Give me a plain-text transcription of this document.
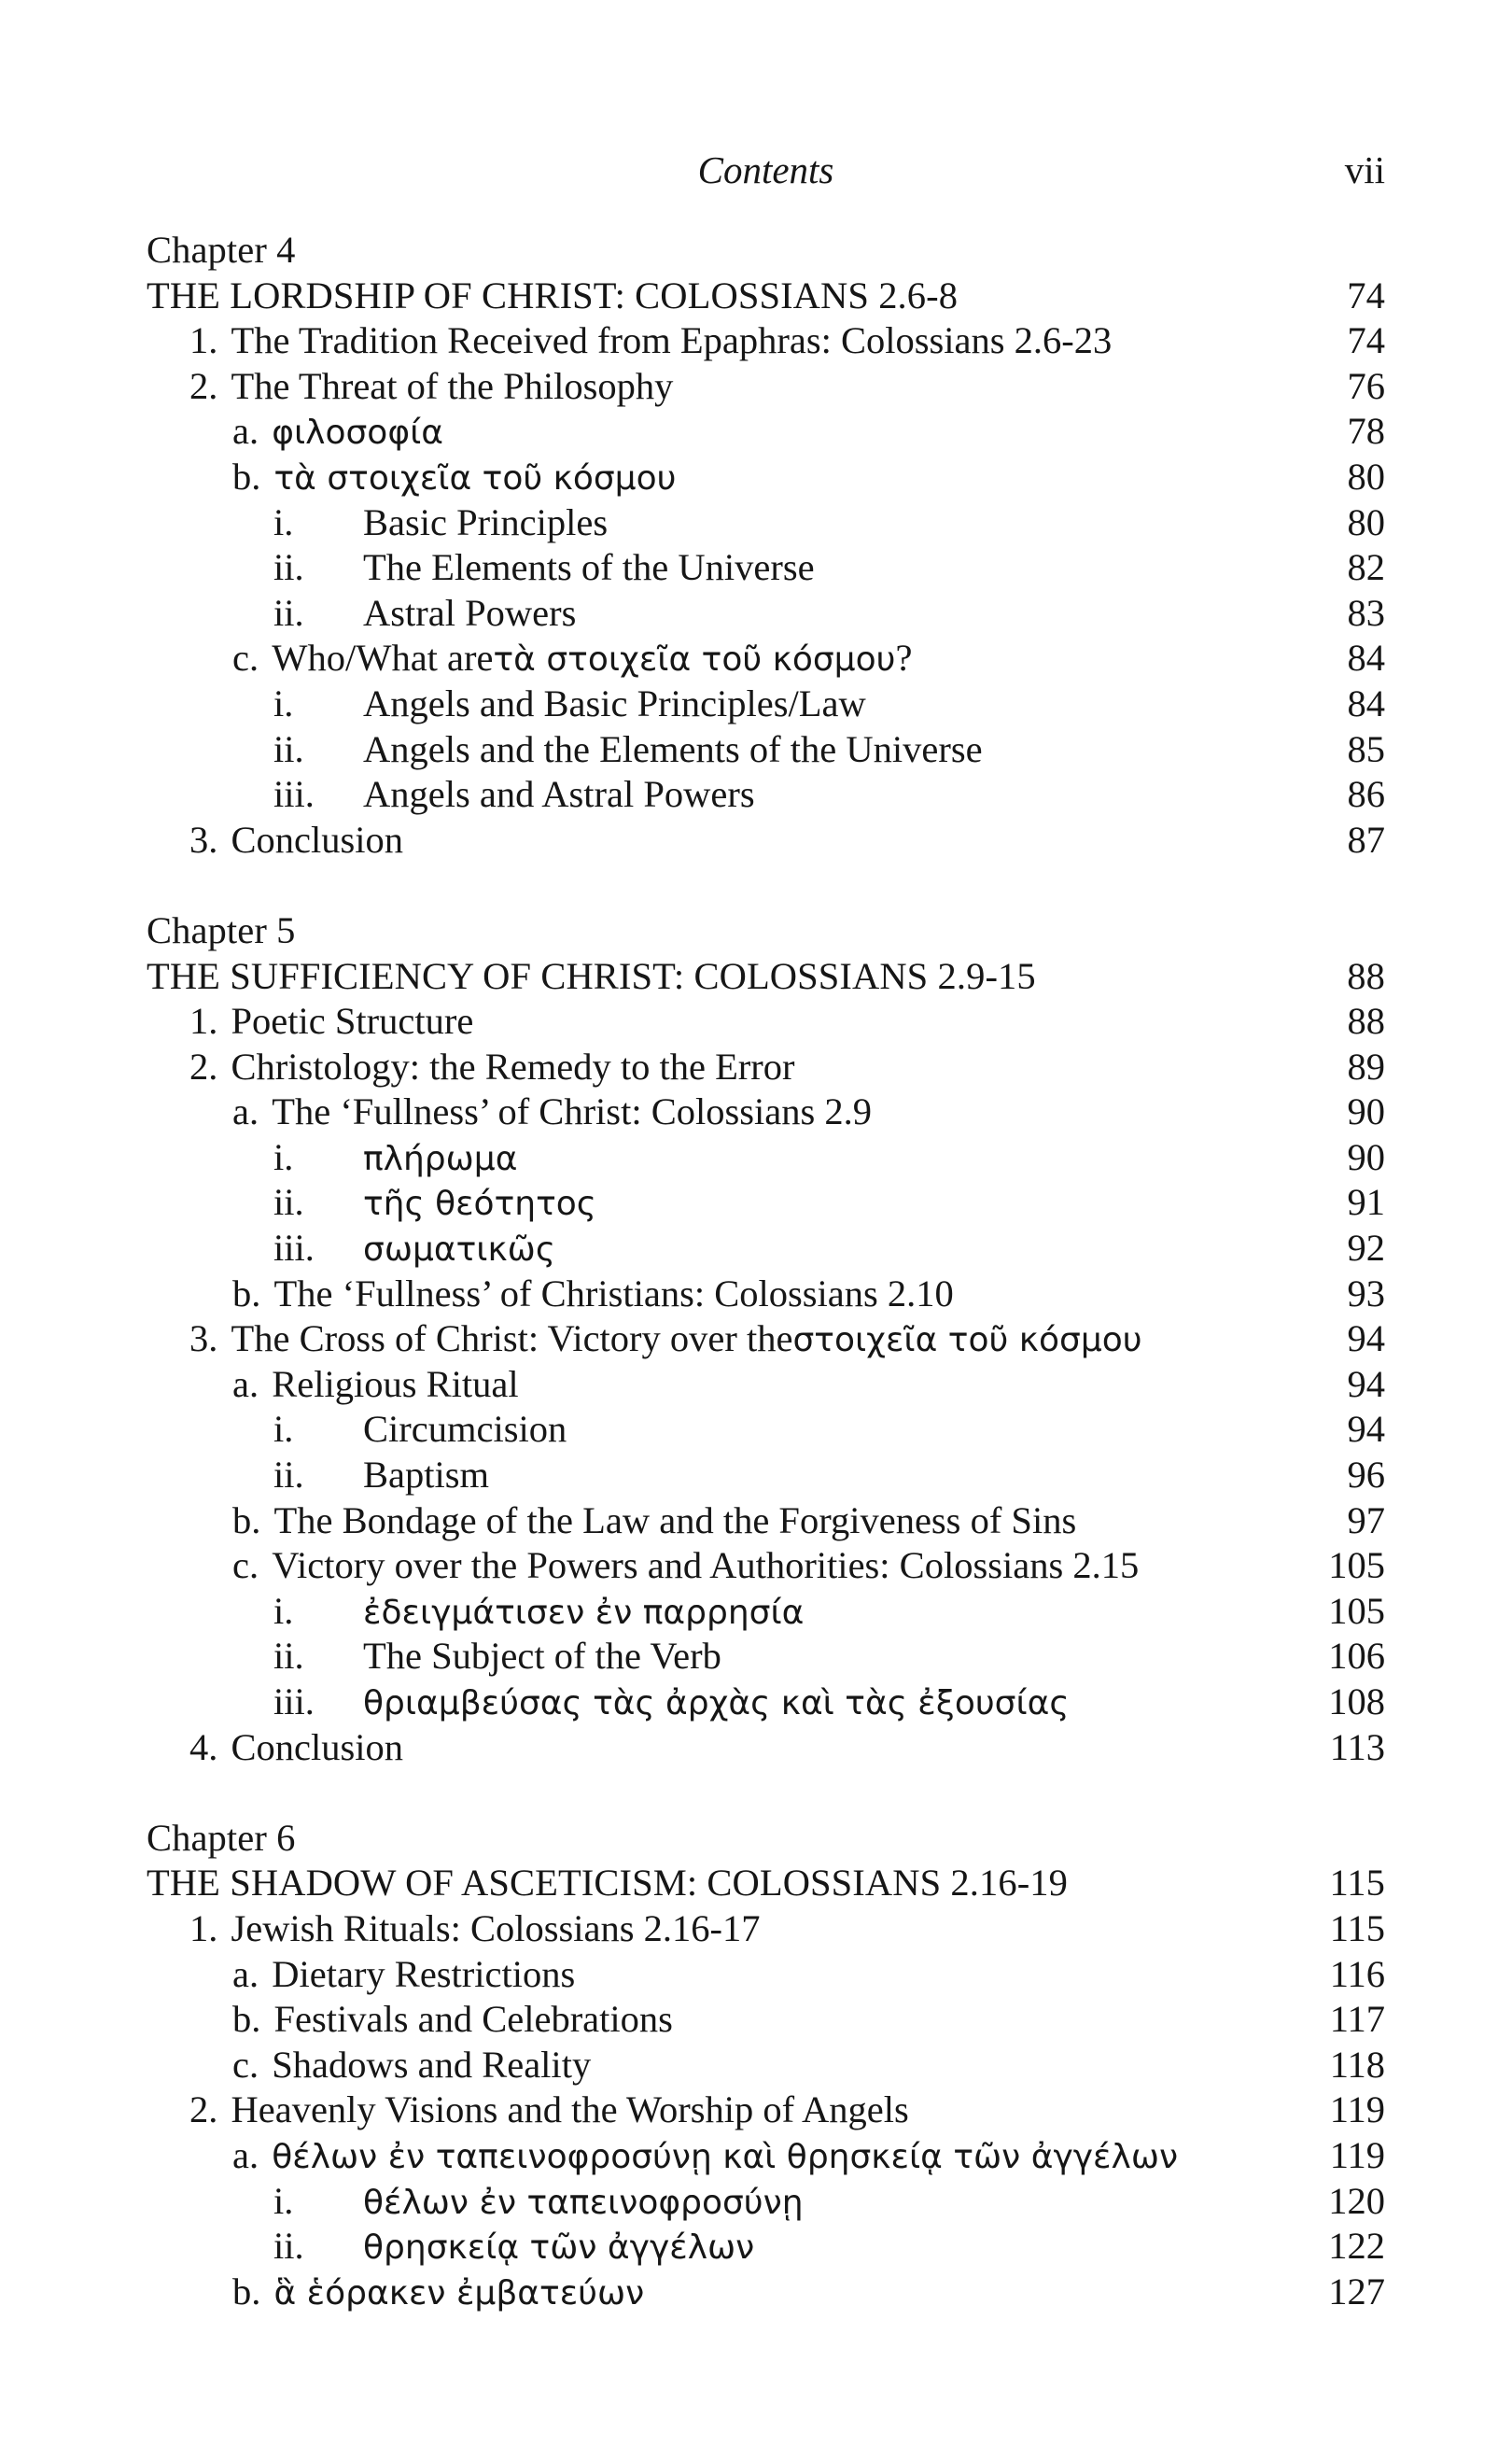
Contents	vii
Chapter 4
THE LORDSHIP OF CHRIST: COLOSSIANS 2.6-8	74
1. The Tradition Received from Epaphras: Colossians 2.6-23	74
2. The Threat of the Philosophy	76
a. φιλοσοφία	78
b. τὰ στοιχεῖα τοῦ κόσμου	80
i. Basic Principles	80
ii. The Elements of the Universe	82
ii. Astral Powers	83
c. Who/What areτὰ στοιχεῖα τοῦ κόσμου?	84
i. Angels and Basic Principles/Law	84
ii. Angels and the Elements of the Universe	85
iii. Angels and Astral Powers	86
3. Conclusion	87
Chapter 5
THE SUFFICIENCY OF CHRIST: COLOSSIANS 2.9-15	88
1. Poetic Structure	88
2. Christology: the Remedy to the Error	89
a. The ‘Fullness’ of Christ: Colossians 2.9	90
i. πλήρωμα	90
ii. τῆς θεότητος	91
iii. σωματικῶς	92
b. The ‘Fullness’ of Christians: Colossians 2.10	93
3. The Cross of Christ: Victory over theστοιχεῖα τοῦ κόσμου	94
a. Religious Ritual	94
i. Circumcision	94
ii. Baptism	96
b. The Bondage of the Law and the Forgiveness of Sins	97
c. Victory over the Powers and Authorities: Colossians 2.15	105
i. ἐδειγμάτισεν ἐν παρρησία	105
ii. The Subject of the Verb	106
iii. θριαμβεύσας τὰς ἀρχὰς καὶ τὰς ἐξουσίας	108
4. Conclusion	113
Chapter 6
THE SHADOW OF ASCETICISM: COLOSSIANS 2.16-19	115
1. Jewish Rituals: Colossians 2.16-17	115
a. Dietary Restrictions	116
b. Festivals and Celebrations	117
c. Shadows and Reality	118
2. Heavenly Visions and the Worship of Angels	119
a. θέλων ἐν ταπεινοφροσύνῃ καὶ θρησκείᾳ τῶν ἀγγέλων	119
i. θέλων ἐν ταπεινοφροσύνῃ	120
ii. θρησκείᾳ τῶν ἀγγέλων	122
b. ἃ ἑόρακεν ἐμβατεύων	127
